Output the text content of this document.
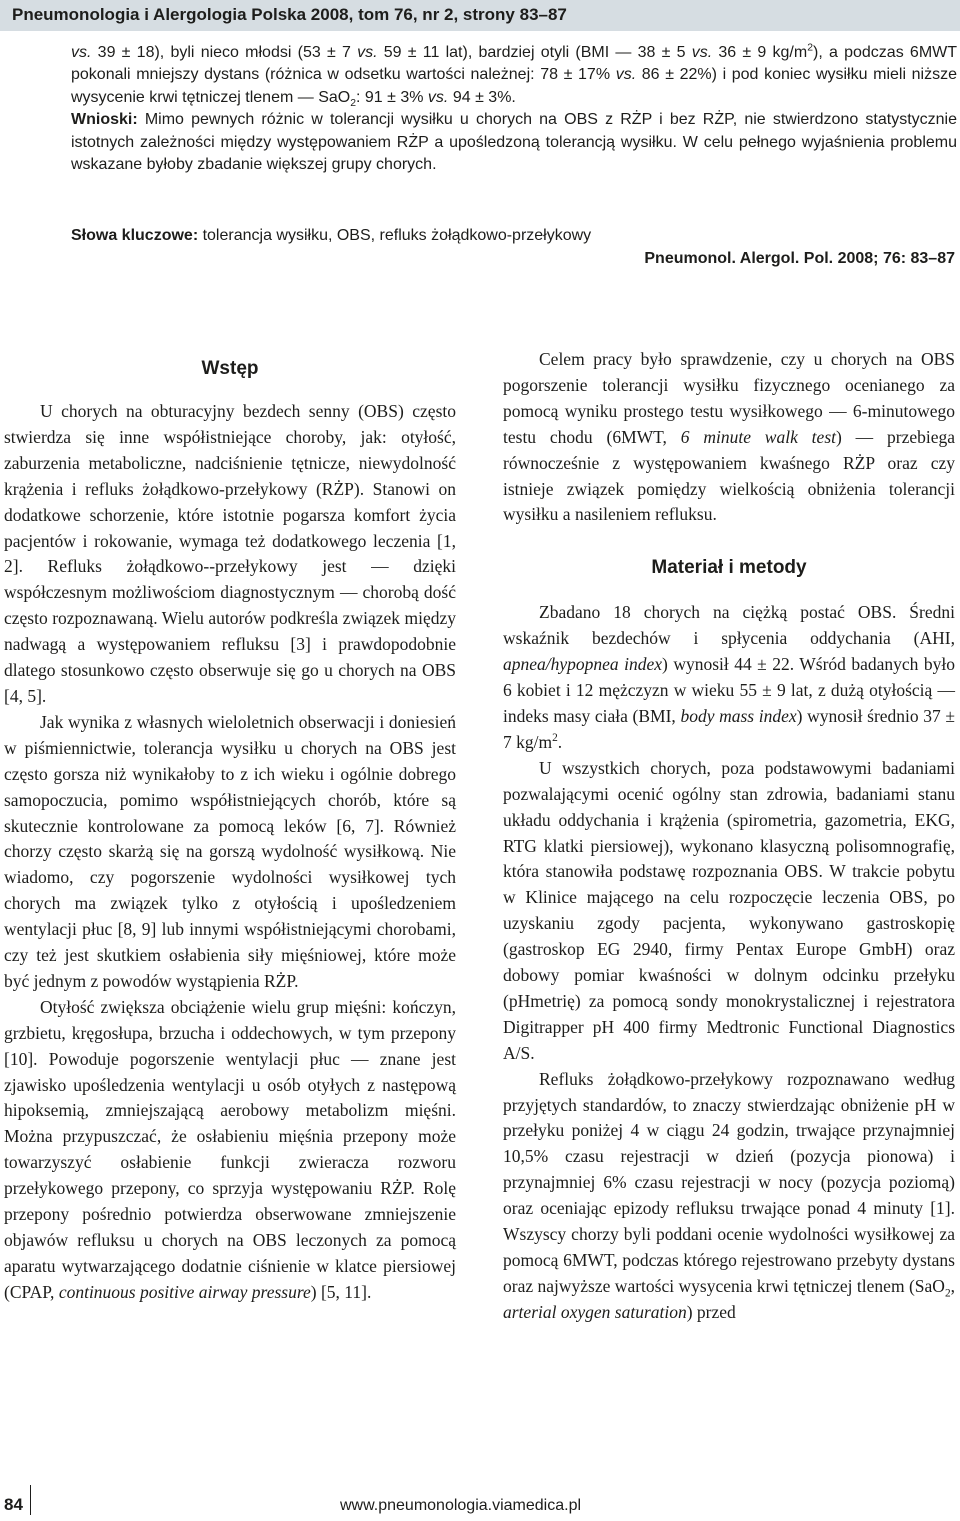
Pneumonologia i Alergologia Polska 2008, tom 76, nr 2, strony 83–87

vs. 39 ± 18), byli nieco młodsi (53 ± 7 vs. 59 ± 11 lat), bardziej otyli (BMI — 38 ± 5 vs. 36 ± 9 $kg/m^2$), a podczas 6MWT pokonali mniejszy dystans (różnica w odsetku wartości należnej: 78 ± 17% vs. 86 ± 22%) i pod koniec wysiłku mieli niższe wysycenie krwi tętniczej tlenem — SaO$_2$: 91 ± 3% vs. 94 ± 3%.

Wnioski: Mimo pewnych różnic w tolerancji wysiłku u chorych na OBS z RŻP i bez RŻP, nie stwierdzono statystycznie istotnych zależności między występowaniem RŻP a upośledzoną tolerancją wysiłku. W celu pełnego wyjaśnienia problemu wskazane byłoby zbadanie większej grupy chorych.

Słowa kluczowe: tolerancja wysiłku, OBS, refluks żołądkowo-przełykowy
Pneumonol. Alergol. Pol. 2008; 76: 83–87
Wstęp

U chorych na obturacyjny bezdech senny (OBS) często stwierdza się inne współistniejące choroby, jak: otyłość, zaburzenia metaboliczne, nadciśnienie tętnicze, niewydolność krążenia i refluks żołądkowo-przełykowy (RŻP). Stanowi on dodatkowe schorzenie, które istotnie pogarsza komfort życia pacjentów i rokowanie, wymaga też dodatkowego leczenia [1, 2]. Refluks żołądkowo--przełykowy jest — dzięki współczesnym możliwościom diagnostycznym — chorobą dość często rozpoznawaną. Wielu autorów podkreśla związek między nadwagą a występowaniem refluksu [3] i prawdopodobnie dlatego stosunkowo często obserwuje się go u chorych na OBS [4, 5].

Jak wynika z własnych wieloletnich obserwacji i doniesień w piśmiennictwie, tolerancja wysiłku u chorych na OBS jest często gorsza niż wynikałoby to z ich wieku i ogólnie dobrego samopoczucia, pomimo współistniejących chorób, które są skutecznie kontrolowane za pomocą leków [6, 7]. Również chorzy często skarżą się na gorszą wydolność wysiłkową. Nie wiadomo, czy pogorszenie wydolności wysiłkowej tych chorych ma związek tylko z otyłością i upośledzeniem wentylacji płuc [8, 9] lub innymi współistniejącymi chorobami, czy też jest skutkiem osłabienia siły mięśniowej, które może być jednym z powodów wystąpienia RŻP.

Otyłość zwiększa obciążenie wielu grup mięśni: kończyn, grzbietu, kręgosłupa, brzucha i oddechowych, w tym przepony [10]. Powoduje pogorszenie wentylacji płuc — znane jest zjawisko upośledzenia wentylacji u osób otyłych z następową hipoksemią, zmniejszającą aerobowy metabolizm mięśni. Można przypuszczać, że osłabieniu mięśnia przepony może towarzyszyć osłabienie funkcji zwieracza rozworu przełykowego przepony, co sprzyja występowaniu RŻP. Rolę przepony pośrednio potwierdza obserwowane zmniejszenie objawów refluksu u chorych na OBS leczonych za pomocą aparatu wytwarzającego dodatnie ciśnienie w klatce piersiowej (CPAP, continuous positive airway pressure) [5, 11].

Celem pracy było sprawdzenie, czy u chorych na OBS pogorszenie tolerancji wysiłku fizycznego ocenianego za pomocą wyniku prostego testu wysiłkowego — 6-minutowego testu chodu (6MWT, 6 minute walk test) — przebiega równocześnie z występowaniem kwaśnego RŻP oraz czy istnieje związek pomiędzy wielkością obniżenia tolerancji wysiłku a nasileniem refluksu.

Materiał i metody

Zbadano 18 chorych na ciężką postać OBS. Średni wskaźnik bezdechów i spłycenia oddychania (AHI, apnea/hypopnea index) wynosił 44 ± 22. Wśród badanych było 6 kobiet i 12 mężczyzn w wieku 55 ± 9 lat, z dużą otyłością — indeks masy ciała (BMI, body mass index) wynosił średnio 37 ± 7 $kg/m^2$.

U wszystkich chorych, poza podstawowymi badaniami pozwalającymi ocenić ogólny stan zdrowia, badaniami stanu układu oddychania i krążenia (spirometria, gazometria, EKG, RTG klatki piersiowej), wykonano klasyczną polisomnografię, która stanowiła podstawę rozpoznania OBS. W trakcie pobytu w Klinice mającego na celu rozpoczęcie leczenia OBS, po uzyskaniu zgody pacjenta, wykonywano gastroskopię (gastroskop EG 2940, firmy Pentax Europe GmbH) oraz dobowy pomiar kwaśności w dolnym odcinku przełyku (pHmetrię) za pomocą sondy monokrystalicznej i rejestratora Digitrapper pH 400 firmy Medtronic Functional Diagnostics A/S.

Refluks żołądkowo-przełykowy rozpoznawano według przyjętych standardów, to znaczy stwierdzając obniżenie pH w przełyku poniżej 4 w ciągu 24 godzin, trwające przynajmniej 10,5% czasu rejestracji w dzień (pozycja pionowa) i przynajmniej 6% czasu rejestracji w nocy (pozycja poziomą) oraz oceniając epizody refluksu trwające ponad 4 minuty [1]. Wszyscy chorzy byli poddani ocenie wydolności wysiłkowej za pomocą 6MWT, podczas którego rejestrowano przebyty dystans oraz najwyższe wartości wysycenia krwi tętniczej tlenem (SaO$_2$, arterial oxygen saturation) przed

84	www.pneumonologia.viamedica.pl
